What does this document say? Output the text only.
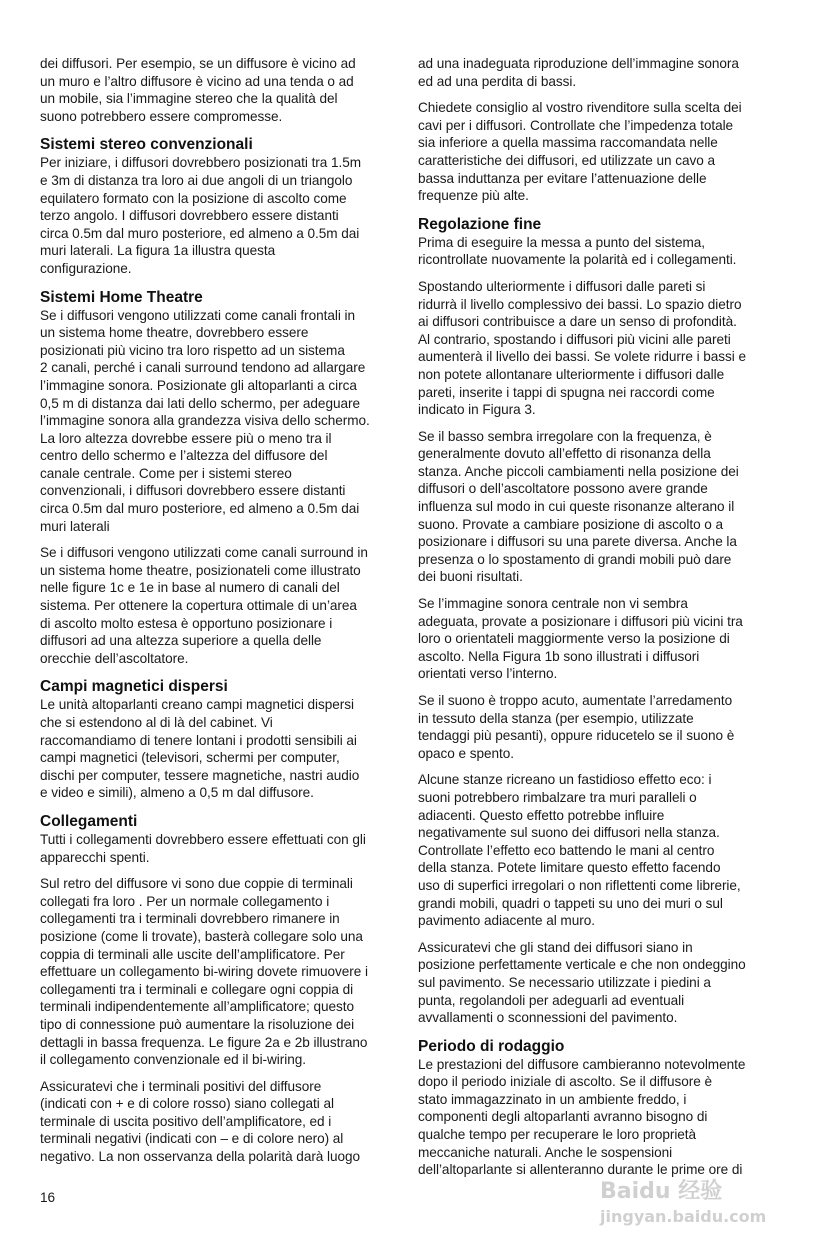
dei diffusori. Per esempio, se un diffusore è vicino ad
un muro e l’altro diffusore è vicino ad una tenda o ad
un mobile, sia l’immagine stereo che la qualità del
suono potrebbero essere compromesse.

Sistemi stereo convenzionali

Per iniziare, i diffusori dovrebbero posizionati tra 1.5m
e 3m di distanza tra loro ai due angoli di un triangolo
equilatero formato con la posizione di ascolto come
terzo angolo. I diffusori dovrebbero essere distanti
circa 0.5m dal muro posteriore, ed almeno a 0.5m dai
muri laterali. La figura 1a illustra questa
configurazione.

Sistemi Home Theatre

Se i diffusori vengono utilizzati come canali frontali in
un sistema home theatre, dovrebbero essere
posizionati più vicino tra loro rispetto ad un sistema
2 canali, perché i canali surround tendono ad allargare
l’immagine sonora. Posizionate gli altoparlanti a circa
0,5 m di distanza dai lati dello schermo, per adeguare
l’immagine sonora alla grandezza visiva dello schermo.
La loro altezza dovrebbe essere più o meno tra il
centro dello schermo e l’altezza del diffusore del
canale centrale. Come per i sistemi stereo
convenzionali, i diffusori dovrebbero essere distanti
circa 0.5m dal muro posteriore, ed almeno a 0.5m dai
muri laterali

Se i diffusori vengono utilizzati come canali surround in
un sistema home theatre, posizionateli come illustrato
nelle figure 1c e 1e in base al numero di canali del
sistema. Per ottenere la copertura ottimale di un’area
di ascolto molto estesa è opportuno posizionare i
diffusori ad una altezza superiore a quella delle
orecchie dell’ascoltatore.

Campi magnetici dispersi

Le unità altoparlanti creano campi magnetici dispersi
che si estendono al di là del cabinet. Vi
raccomandiamo di tenere lontani i prodotti sensibili ai
campi magnetici (televisori, schermi per computer,
dischi per computer, tessere magnetiche, nastri audio
e video e simili), almeno a 0,5 m dal diffusore.

Collegamenti

Tutti i collegamenti dovrebbero essere effettuati con gli
apparecchi spenti.

Sul retro del diffusore vi sono due coppie di terminali
collegati fra loro . Per un normale collegamento i
collegamenti tra i terminali dovrebbero rimanere in
posizione (come li trovate), basterà collegare solo una
coppia di terminali alle uscite dell’amplificatore. Per
effettuare un collegamento bi-wiring dovete rimuovere i
collegamenti tra i terminali e collegare ogni coppia di
terminali indipendentemente all’amplificatore; questo
tipo di connessione può aumentare la risoluzione dei
dettagli in bassa frequenza. Le figure 2a e 2b illustrano
il collegamento convenzionale ed il bi-wiring.

Assicuratevi che i terminali positivi del diffusore
(indicati con + e di colore rosso) siano collegati al
terminale di uscita positivo dell’amplificatore, ed i
terminali negativi (indicati con – e di colore nero) al
negativo. La non osservanza della polarità darà luogo

ad una inadeguata riproduzione dell’immagine sonora
ed ad una perdita di bassi.

Chiedete consiglio al vostro rivenditore sulla scelta dei
cavi per i diffusori. Controllate che l’impedenza totale
sia inferiore a quella massima raccomandata nelle
caratteristiche dei diffusori, ed utilizzate un cavo a
bassa induttanza per evitare l’attenuazione delle
frequenze più alte.

Regolazione fine

Prima di eseguire la messa a punto del sistema,
ricontrollate nuovamente la polarità ed i collegamenti.

Spostando ulteriormente i diffusori dalle pareti si
ridurrà il livello complessivo dei bassi. Lo spazio dietro
ai diffusori contribuisce a dare un senso di profondità.
Al contrario, spostando i diffusori più vicini alle pareti
aumenterà il livello dei bassi. Se volete ridurre i bassi e
non potete allontanare ulteriormente i diffusori dalle
pareti, inserite i tappi di spugna nei raccordi come
indicato in Figura 3.

Se il basso sembra irregolare con la frequenza, è
generalmente dovuto all’effetto di risonanza della
stanza. Anche piccoli cambiamenti nella posizione dei
diffusori o dell’ascoltatore possono avere grande
influenza sul modo in cui queste risonanze alterano il
suono. Provate a cambiare posizione di ascolto o a
posizionare i diffusori su una parete diversa. Anche la
presenza o lo spostamento di grandi mobili può dare
dei buoni risultati.

Se l’immagine sonora centrale non vi sembra
adeguata, provate a posizionare i diffusori più vicini tra
loro o orientateli maggiormente verso la posizione di
ascolto. Nella Figura 1b sono illustrati i diffusori
orientati verso l’interno.

Se il suono è troppo acuto, aumentate l’arredamento
in tessuto della stanza (per esempio, utilizzate
tendaggi più pesanti), oppure riducetelo se il suono è
opaco e spento.

Alcune stanze ricreano un fastidioso effetto eco: i
suoni potrebbero rimbalzare tra muri paralleli o
adiacenti. Questo effetto potrebbe influire
negativamente sul suono dei diffusori nella stanza.
Controllate l’effetto eco battendo le mani al centro
della stanza. Potete limitare questo effetto facendo
uso di superfici irregolari o non riflettenti come librerie,
grandi mobili, quadri o tappeti su uno dei muri o sul
pavimento adiacente al muro.

Assicuratevi che gli stand dei diffusori siano in
posizione perfettamente verticale e che non ondeggino
sul pavimento. Se necessario utilizzate i piedini a
punta, regolandoli per adeguarli ad eventuali
avvallamenti o sconnessioni del pavimento.

Periodo di rodaggio

Le prestazioni del diffusore cambieranno notevolmente
dopo il periodo iniziale di ascolto. Se il diffusore è
stato immagazzinato in un ambiente freddo, i
componenti degli altoparlanti avranno bisogno di
qualche tempo per recuperare le loro proprietà
meccaniche naturali. Anche le sospensioni
dell’altoparlante si allenteranno durante le prime ore di

16	Baidu 经验
jingyan.baidu.com
